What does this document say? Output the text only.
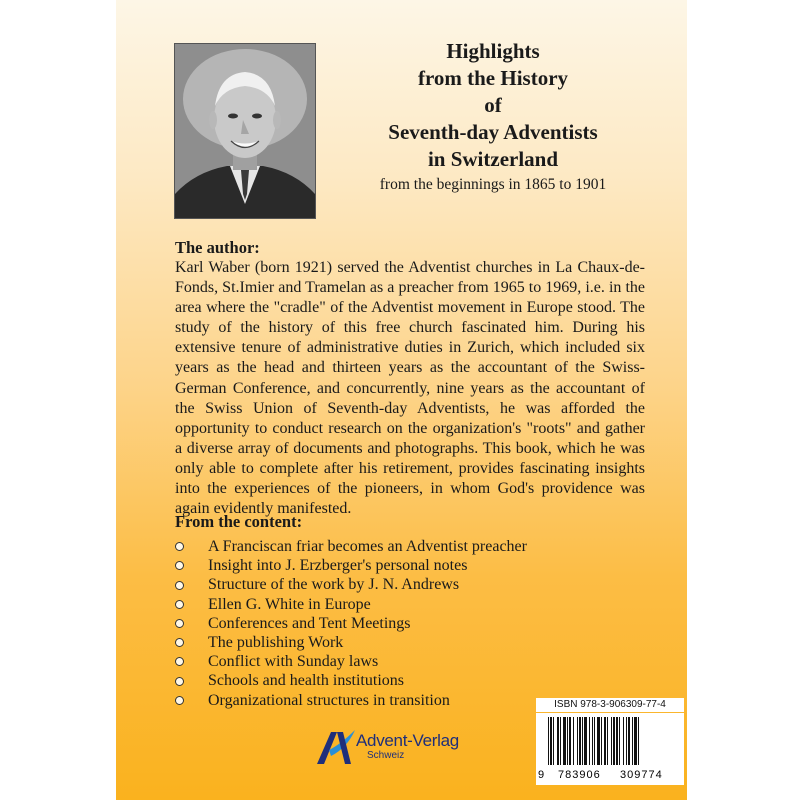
Highlights
from the History
of
Seventh-day Adventists
in Switzerland
from the beginnings in 1865 to 1901
The author:

Karl Waber (born 1921) served the Adventist churches in La Chaux-de-Fonds, St.Imier and Tramelan as a preacher from 1965 to 1969, i.e. in the area where the "cradle" of the Adventist movement in Europe stood. The study of the history of this free church fascinated him. During his extensive tenure of administrative duties in Zurich, which included six years as the head and thirteen years as the accountant of the Swiss-German Conference, and concurrently, nine years as the accountant of the Swiss Union of Seventh-day Adventists, he was afforded the opportunity to conduct research on the organization's "roots" and gather a diverse array of documents and photographs. This book, which he was only able to complete after his retirement, provides fascinating insights into the experiences of the pioneers, in whom God's providence was again evidently manifested.

From the content:
A Franciscan friar becomes an Adventist preacher
Insight into J. Erzberger's personal notes
Structure of the work by J. N. Andrews
Ellen G. White in Europe
Conferences and Tent Meetings
The publishing Work
Conflict with Sunday laws
Schools and health institutions
Organizational structures in transition
Advent-Verlag
Schweiz
ISBN 978-3-906309-77-4
9 783906 309774
